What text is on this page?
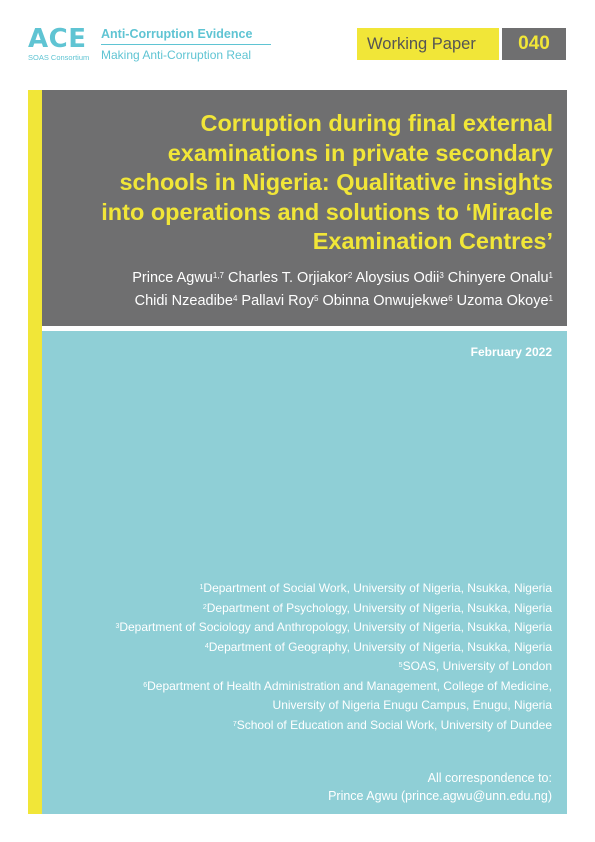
ACE
SOAS Consortium
Anti-Corruption Evidence
Making Anti-Corruption Real
Working Paper	040
Corruption during final external
examinations in private secondary
schools in Nigeria: Qualitative insights
into operations and solutions to ‘Miracle
Examination Centres’
Prince Agwu$^{1,7}$ Charles T. Orjiakor$^2$ Aloysius Odii$^3$ Chinyere Onalu$^1$
Chidi Nzeadibe$^4$ Pallavi Roy$^5$ Obinna Onwujekwe$^6$ Uzoma Okoye$^1$
February 2022
$^1$Department of Social Work, University of Nigeria, Nsukka, Nigeria
$^2$Department of Psychology, University of Nigeria, Nsukka, Nigeria
$^3$Department of Sociology and Anthropology, University of Nigeria, Nsukka, Nigeria
$^4$Department of Geography, University of Nigeria, Nsukka, Nigeria
$^5$SOAS, University of London
$^6$Department of Health Administration and Management, College of Medicine,
University of Nigeria Enugu Campus, Enugu, Nigeria
$^7$School of Education and Social Work, University of Dundee
All correspondence to:
Prince Agwu (prince.agwu@unn.edu.ng)
